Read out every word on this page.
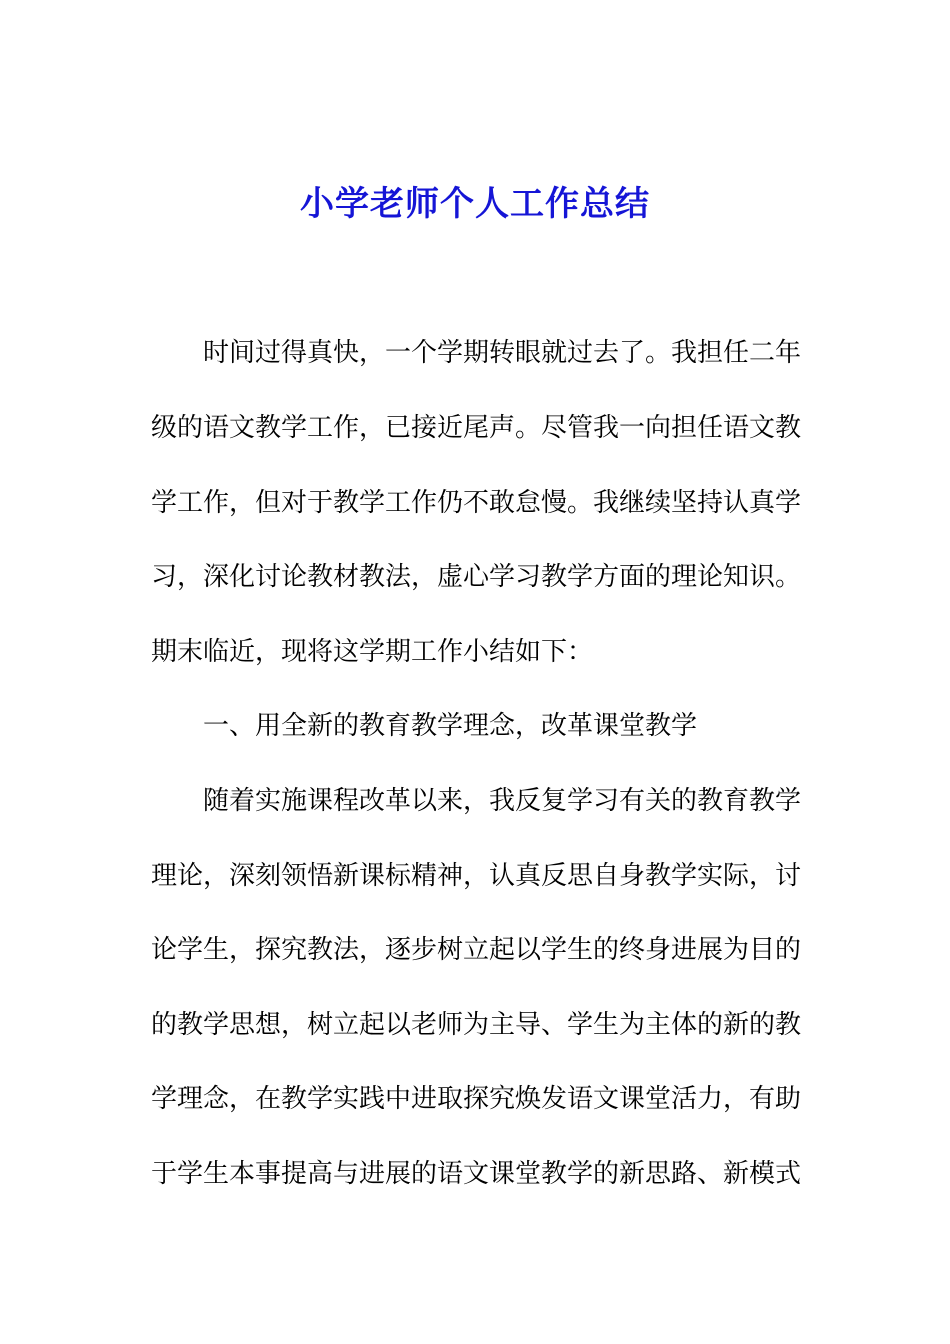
小学老师个人工作总结
时间过得真快，一个学期转眼就过去了。我担任二年
级的语文教学工作，已接近尾声。尽管我一向担任语文教
学工作，但对于教学工作仍不敢怠慢。我继续坚持认真学
习，深化讨论教材教法，虚心学习教学方面的理论知识。
期末临近，现将这学期工作小结如下：
一、用全新的教育教学理念，改革课堂教学
随着实施课程改革以来，我反复学习有关的教育教学
理论，深刻领悟新课标精神，认真反思自身教学实际，讨
论学生，探究教法，逐步树立起以学生的终身进展为目的
的教学思想，树立起以老师为主导、学生为主体的新的教
学理念，在教学实践中进取探究焕发语文课堂活力，有助
于学生本事提高与进展的语文课堂教学的新思路、新模式
